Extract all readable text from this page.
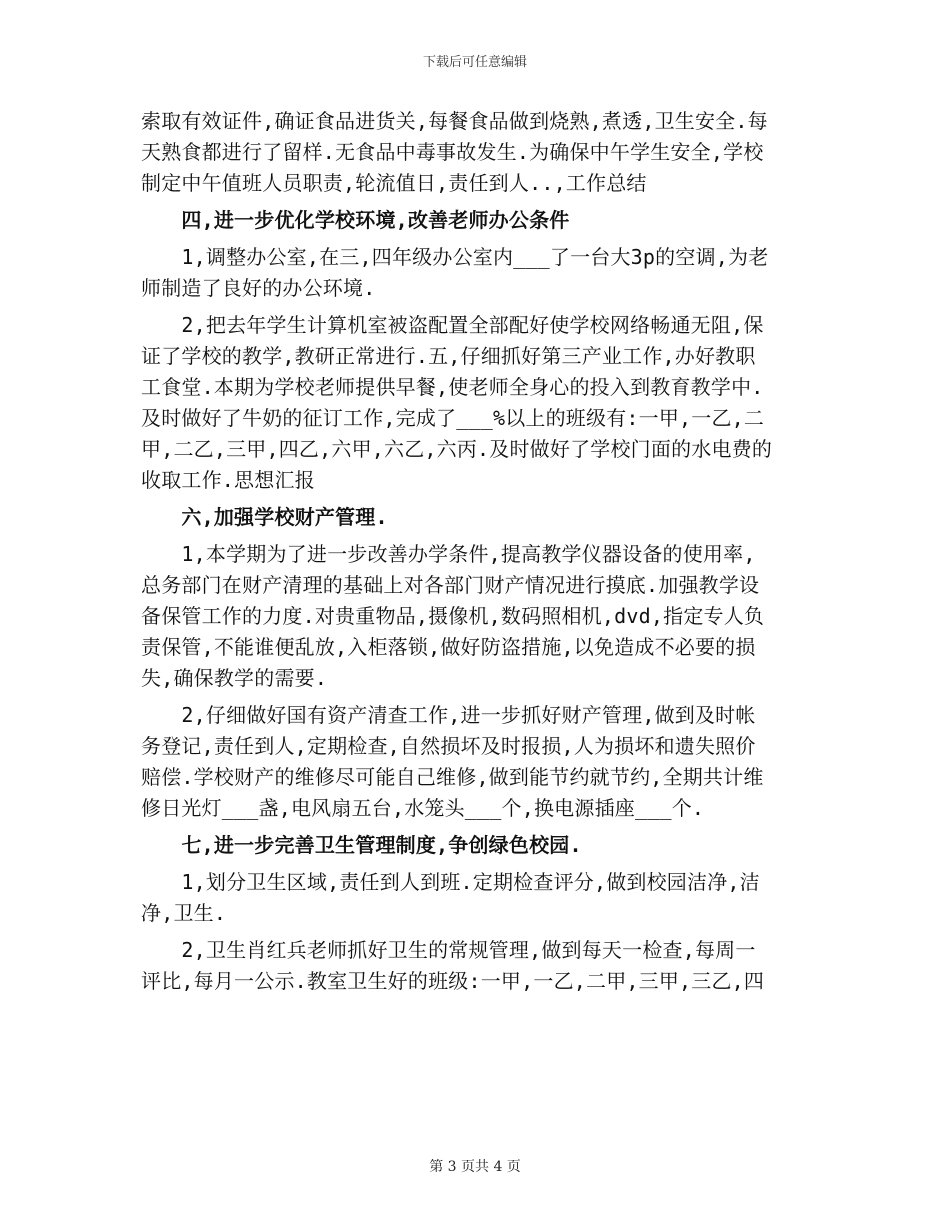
下载后可任意编辑
索取有效证件,确证食品进货关,每餐食品做到烧熟,煮透,卫生安全.每
天熟食都进行了留样.无食品中毒事故发生.为确保中午学生安全,学校
制定中午值班人员职责,轮流值日,责任到人..,工作总结
　　四,进一步优化学校环境,改善老师办公条件
　　1,调整办公室,在三,四年级办公室内___了一台大3p的空调,为老
师制造了良好的办公环境.
　　2,把去年学生计算机室被盗配置全部配好使学校网络畅通无阻,保
证了学校的教学,教研正常进行.五,仔细抓好第三产业工作,办好教职
工食堂.本期为学校老师提供早餐,使老师全身心的投入到教育教学中.
及时做好了牛奶的征订工作,完成了___%以上的班级有:一甲,一乙,二
甲,二乙,三甲,四乙,六甲,六乙,六丙.及时做好了学校门面的水电费的
收取工作.思想汇报
　　六,加强学校财产管理.
　　1,本学期为了进一步改善办学条件,提高教学仪器设备的使用率,
总务部门在财产清理的基础上对各部门财产情况进行摸底.加强教学设
备保管工作的力度.对贵重物品,摄像机,数码照相机,dvd,指定专人负
责保管,不能谁便乱放,入柜落锁,做好防盗措施,以免造成不必要的损
失,确保教学的需要.
　　2,仔细做好国有资产清查工作,进一步抓好财产管理,做到及时帐
务登记,责任到人,定期检查,自然损坏及时报损,人为损坏和遗失照价
赔偿.学校财产的维修尽可能自己维修,做到能节约就节约,全期共计维
修日光灯___盏,电风扇五台,水笼头___个,换电源插座___个.
　　七,进一步完善卫生管理制度,争创绿色校园.
　　1,划分卫生区域,责任到人到班.定期检查评分,做到校园洁净,洁
净,卫生.
　　2,卫生肖红兵老师抓好卫生的常规管理,做到每天一检查,每周一
评比,每月一公示.教室卫生好的班级:一甲,一乙,二甲,三甲,三乙,四
第 3 页共 4 页
